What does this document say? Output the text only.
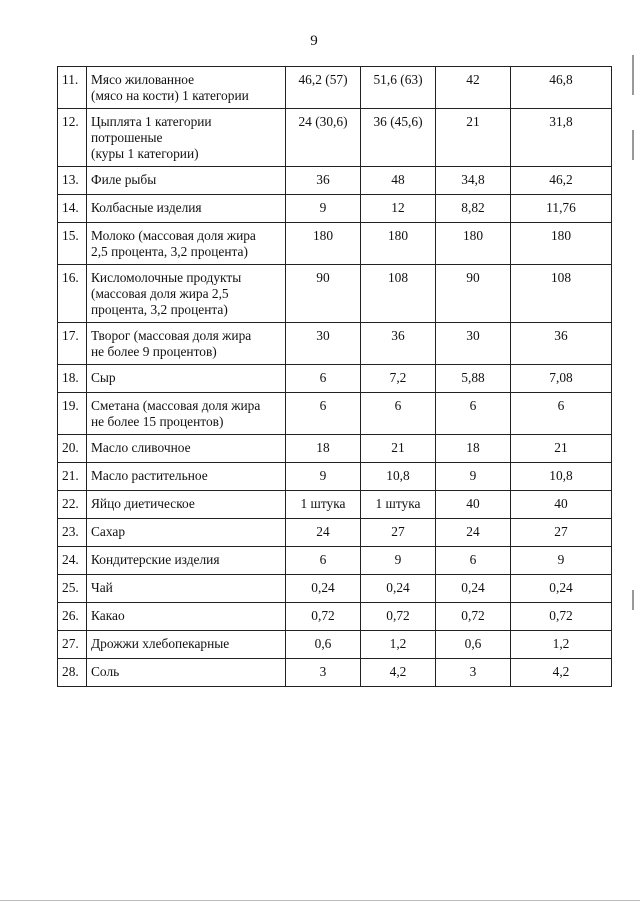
9
11.	Мясо жилованное
(мясо на кости) 1 категории	46,2 (57)	51,6 (63)	42	46,8
12.	Цыплята 1 категории
потрошеные
(куры 1 категории)	24 (30,6)	36 (45,6)	21	31,8
13.	Филе рыбы	36	48	34,8	46,2
14.	Колбасные изделия	9	12	8,82	11,76
15.	Молоко (массовая доля жира
2,5 процента, 3,2 процента)	180	180	180	180
16.	Кисломолочные продукты
(массовая доля жира 2,5
процента, 3,2 процента)	90	108	90	108
17.	Творог (массовая доля жира
не более 9 процентов)	30	36	30	36
18.	Сыр	6	7,2	5,88	7,08
19.	Сметана (массовая доля жира
не более 15 процентов)	6	6	6	6
20.	Масло сливочное	18	21	18	21
21.	Масло растительное	9	10,8	9	10,8
22.	Яйцо диетическое	1 штука	1 штука	40	40
23.	Сахар	24	27	24	27
24.	Кондитерские изделия	6	9	6	9
25.	Чай	0,24	0,24	0,24	0,24
26.	Какао	0,72	0,72	0,72	0,72
27.	Дрожжи хлебопекарные	0,6	1,2	0,6	1,2
28.	Соль	3	4,2	3	4,2
